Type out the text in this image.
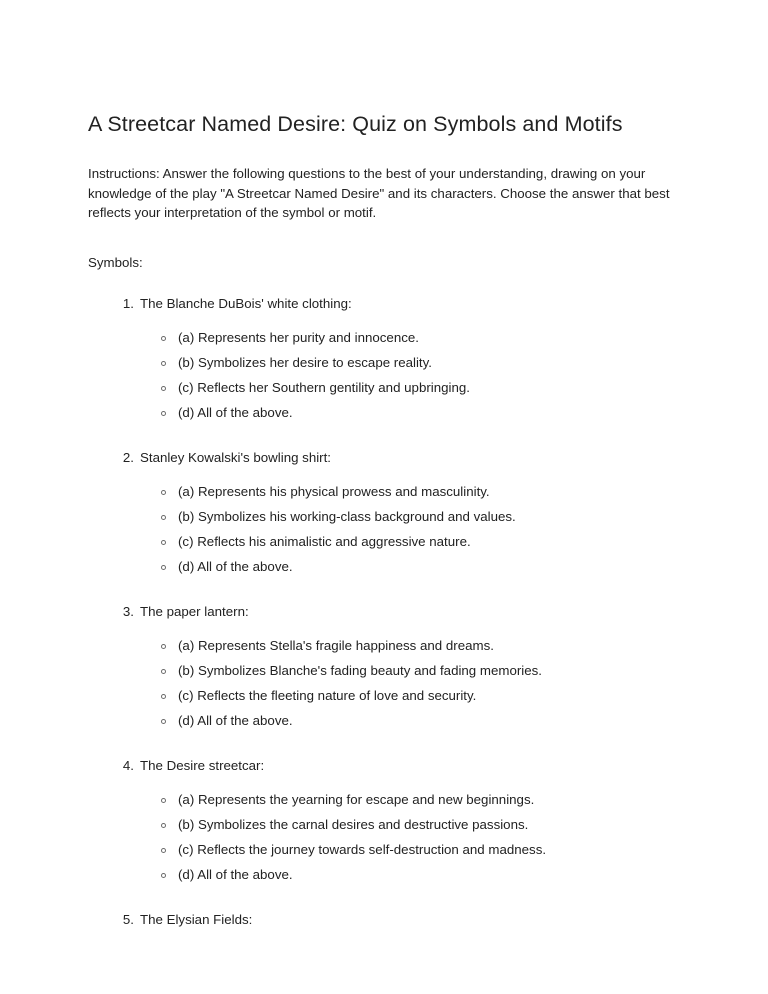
A Streetcar Named Desire: Quiz on Symbols and Motifs

Instructions: Answer the following questions to the best of your understanding, drawing on your knowledge of the play "A Streetcar Named Desire" and its characters. Choose the answer that best reflects your interpretation of the symbol or motif.

Symbols:

1. The Blanche DuBois' white clothing:
(a) Represents her purity and innocence.
(b) Symbolizes her desire to escape reality.
(c) Reflects her Southern gentility and upbringing.
(d) All of the above.
2. Stanley Kowalski's bowling shirt:
(a) Represents his physical prowess and masculinity.
(b) Symbolizes his working-class background and values.
(c) Reflects his animalistic and aggressive nature.
(d) All of the above.
3. The paper lantern:
(a) Represents Stella's fragile happiness and dreams.
(b) Symbolizes Blanche's fading beauty and fading memories.
(c) Reflects the fleeting nature of love and security.
(d) All of the above.
4. The Desire streetcar:
(a) Represents the yearning for escape and new beginnings.
(b) Symbolizes the carnal desires and destructive passions.
(c) Reflects the journey towards self-destruction and madness.
(d) All of the above.
5. The Elysian Fields:
